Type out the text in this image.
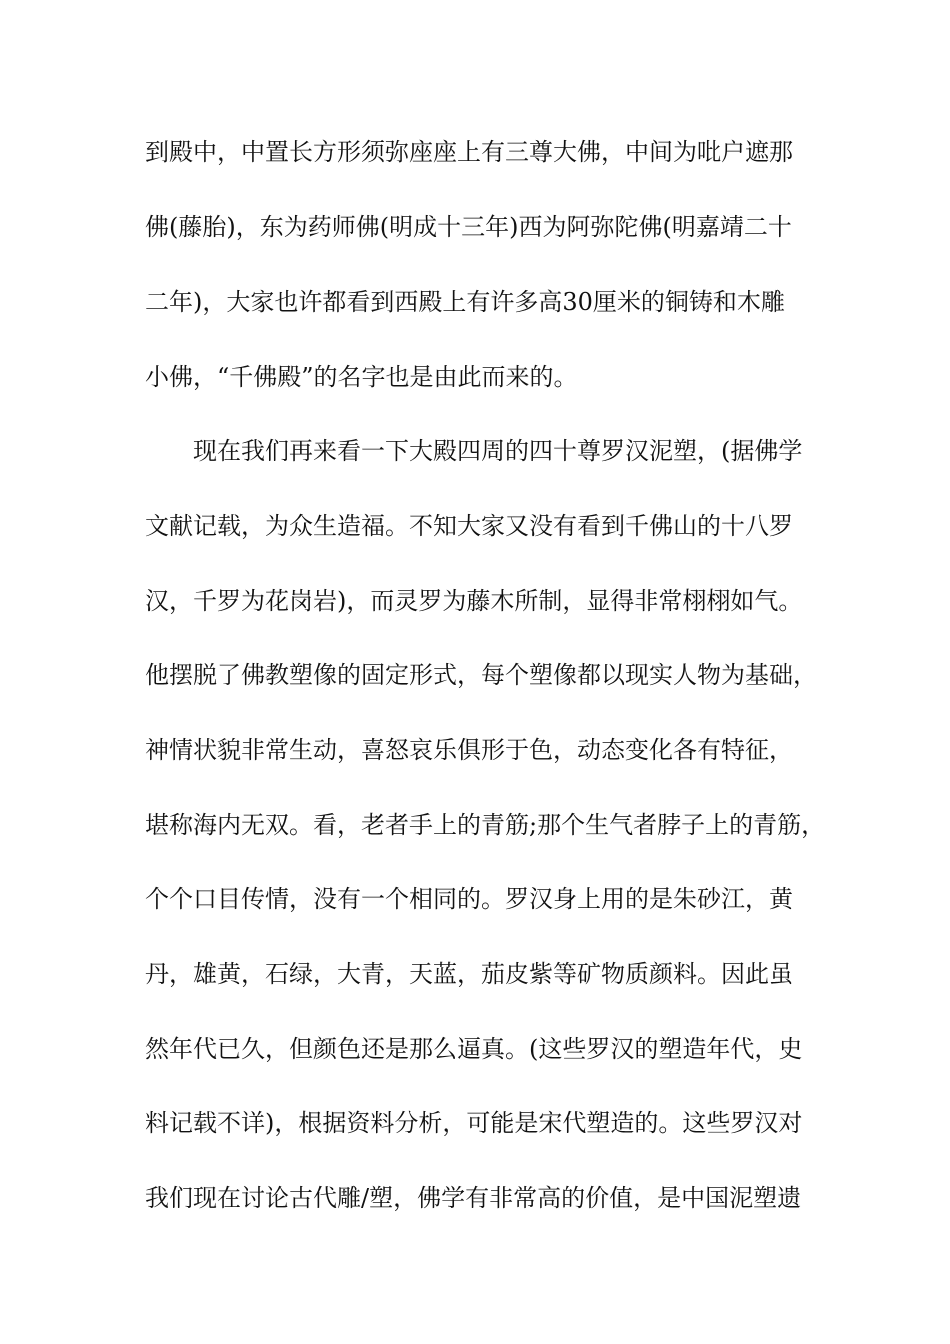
到殿中，中置长方形须弥座座上有三尊大佛，中间为吡户遮那
佛(藤胎)，东为药师佛(明成十三年)西为阿弥陀佛(明嘉靖二十
二年)，大家也许都看到西殿上有许多高30厘米的铜铸和木雕
小佛，“千佛殿”的名字也是由此而来的。
现在我们再来看一下大殿四周的四十尊罗汉泥塑，(据佛学
文献记载，为众生造福。不知大家又没有看到千佛山的十八罗
汉，千罗为花岗岩)，而灵罗为藤木所制，显得非常栩栩如气。
他摆脱了佛教塑像的固定形式，每个塑像都以现实人物为基础，
神情状貌非常生动，喜怒哀乐俱形于色，动态变化各有特征，
堪称海内无双。看，老者手上的青筋;那个生气者脖子上的青筋，
个个口目传情，没有一个相同的。罗汉身上用的是朱砂江，黄
丹，雄黄，石绿，大青，天蓝，茄皮紫等矿物质颜料。因此虽
然年代已久，但颜色还是那么逼真。(这些罗汉的塑造年代，史
料记载不详)，根据资料分析，可能是宋代塑造的。这些罗汉对
我们现在讨论古代雕/塑，佛学有非常高的价值，是中国泥塑遗
